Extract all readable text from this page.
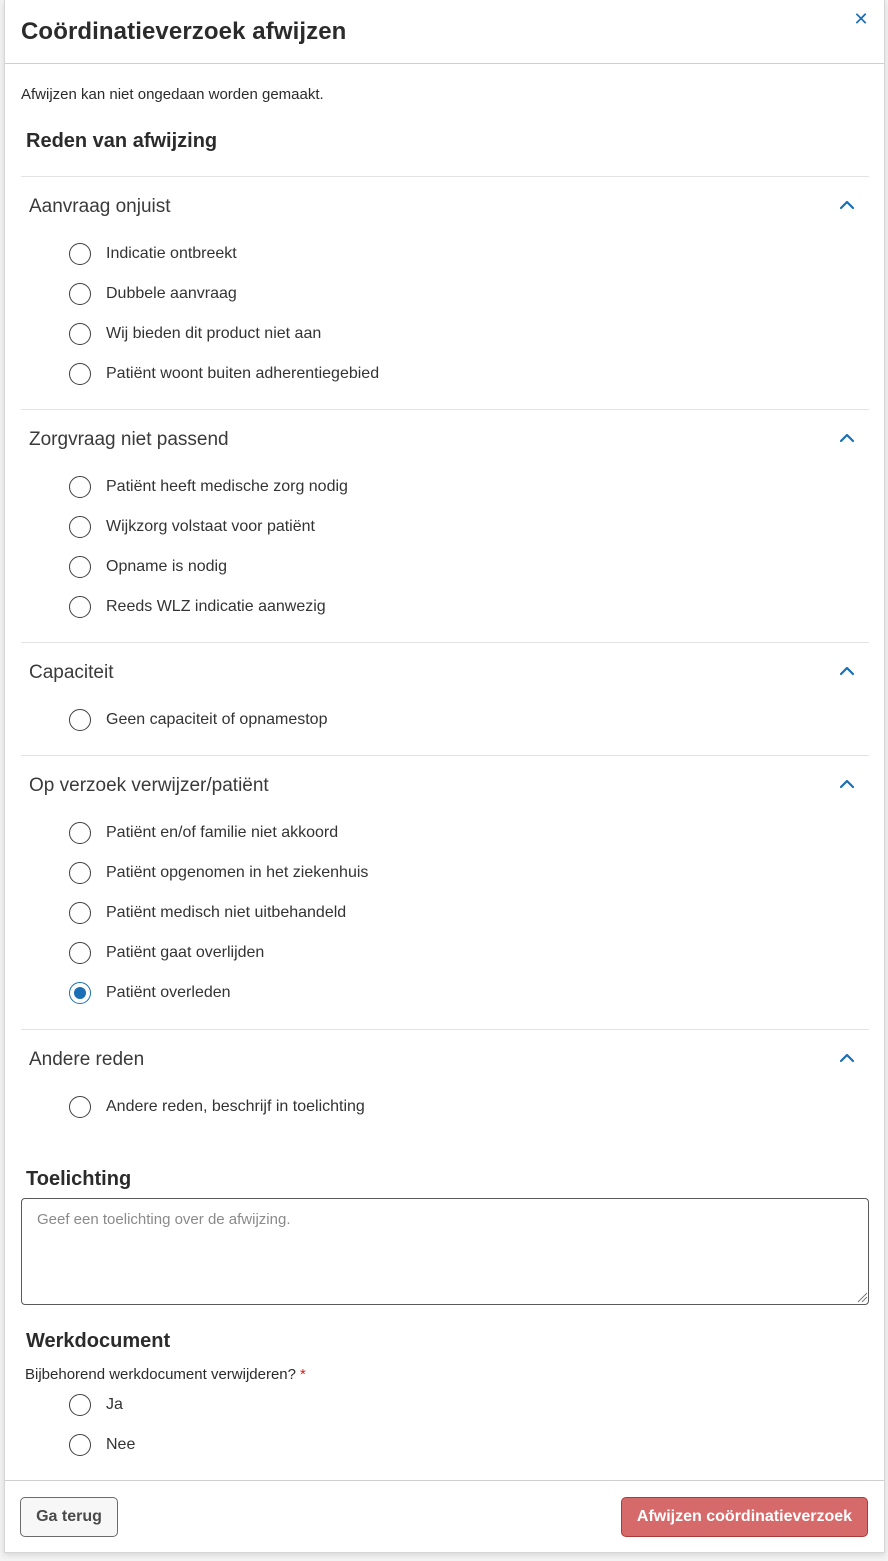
Coördinatieverzoek afwijzen	✕

Afwijzen kan niet ongedaan worden gemaakt.

Reden van afwijzing
Aanvraag onjuist
Indicatie ontbreekt
Dubbele aanvraag
Wij bieden dit product niet aan
Patiënt woont buiten adherentiegebied
Zorgvraag niet passend
Patiënt heeft medische zorg nodig
Wijkzorg volstaat voor patiënt
Opname is nodig
Reeds WLZ indicatie aanwezig
Capaciteit
Geen capaciteit of opnamestop
Op verzoek verwijzer/patiënt
Patiënt en/of familie niet akkoord
Patiënt opgenomen in het ziekenhuis
Patiënt medisch niet uitbehandeld
Patiënt gaat overlijden
Patiënt overleden
Andere reden
Andere reden, beschrijf in toelichting
Toelichting
Geef een toelichting over de afwijzing.
Werkdocument

Bijbehorend werkdocument verwijderen? *

Ja
Nee
Ga terug	Afwijzen coördinatieverzoek
